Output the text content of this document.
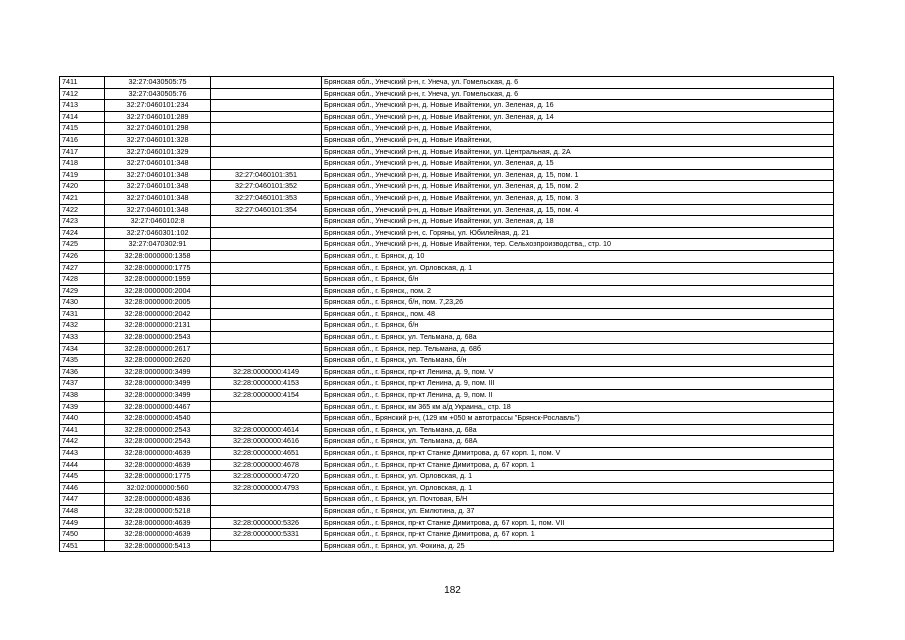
7411	32:27:0430505:75		Брянская обл., Унечский р-н, г. Унеча, ул. Гомельская, д. 6
7412	32:27:0430505:76		Брянская обл., Унечский р-н, г. Унеча, ул. Гомельская, д. 6
7413	32:27:0460101:234		Брянская обл., Унечский р-н, д. Новые Ивайтенки, ул. Зеленая, д. 16
7414	32:27:0460101:289		Брянская обл., Унечский р-н, д. Новые Ивайтенки, ул. Зеленая, д. 14
7415	32:27:0460101:298		Брянская обл., Унечский р-н, д. Новые Ивайтенки,
7416	32:27:0460101:328		Брянская обл., Унечский р-н, д. Новые Ивайтенки,
7417	32:27:0460101:329		Брянская обл., Унечский р-н, д. Новые Ивайтенки, ул. Центральная, д. 2А
7418	32:27:0460101:348		Брянская обл., Унечский р-н, д. Новые Ивайтенки, ул. Зеленая, д. 15
7419	32:27:0460101:348	32:27:0460101:351	Брянская обл., Унечский р-н, д. Новые Ивайтенки, ул. Зеленая, д. 15, пом. 1
7420	32:27:0460101:348	32:27:0460101:352	Брянская обл., Унечский р-н, д. Новые Ивайтенки, ул. Зеленая, д. 15, пом. 2
7421	32:27:0460101:348	32:27:0460101:353	Брянская обл., Унечский р-н, д. Новые Ивайтенки, ул. Зеленая, д. 15, пом. 3
7422	32:27:0460101:348	32:27:0460101:354	Брянская обл., Унечский р-н, д. Новые Ивайтенки, ул. Зеленая, д. 15, пом. 4
7423	32:27:0460102:8		Брянская обл., Унечский р-н, д. Новые Ивайтенки, ул. Зеленая, д. 18
7424	32:27:0460301:102		Брянская обл., Унечский р-н, с. Горяны, ул. Юбилейная, д. 21
7425	32:27:0470302:91		Брянская обл., Унечский р-н, д. Новые Ивайтенки, тер. Сельхозпроизводства,, стр. 10
7426	32:28:0000000:1358		Брянская обл., г. Брянск, д. 10
7427	32:28:0000000:1775		Брянская обл., г. Брянск, ул. Орловская, д. 1
7428	32:28:0000000:1959		Брянская обл., г. Брянск, б/н
7429	32:28:0000000:2004		Брянская обл., г. Брянск,, пом. 2
7430	32:28:0000000:2005		Брянская обл., г. Брянск, б/н, пом. 7,23,26
7431	32:28:0000000:2042		Брянская обл., г. Брянск,, пом. 48
7432	32:28:0000000:2131		Брянская обл., г. Брянск, б/н
7433	32:28:0000000:2543		Брянская обл., г. Брянск, ул. Тельмана, д. 68а
7434	32:28:0000000:2617		Брянская обл., г. Брянск, пер. Тельмана, д. 68б
7435	32:28:0000000:2620		Брянская обл., г. Брянск, ул. Тельмана, б/н
7436	32:28:0000000:3499	32:28:0000000:4149	Брянская обл., г. Брянск, пр-кт Ленина, д. 9, пом. V
7437	32:28:0000000:3499	32:28:0000000:4153	Брянская обл., г. Брянск, пр-кт Ленина, д. 9, пом. III
7438	32:28:0000000:3499	32:28:0000000:4154	Брянская обл., г. Брянск, пр-кт Ленина, д. 9, пом. II
7439	32:28:0000000:4467		Брянская обл., г. Брянск, км 365 км а/д Украина,, стр. 18
7440	32:28:0000000:4540		Брянская обл., Брянский р-н, (129 км +050 м автотрассы "Брянск-Рославль")
7441	32:28:0000000:2543	32:28:0000000:4614	Брянская обл., г. Брянск, ул. Тельмана, д. 68а
7442	32:28:0000000:2543	32:28:0000000:4616	Брянская обл., г. Брянск, ул. Тельмана, д. 68А
7443	32:28:0000000:4639	32:28:0000000:4651	Брянская обл., г. Брянск, пр-кт Станке Димитрова, д. 67 корп. 1, пом. V
7444	32:28:0000000:4639	32:28:0000000:4678	Брянская обл., г. Брянск, пр-кт Станке Димитрова, д. 67 корп. 1
7445	32:28:0000000:1775	32:28:0000000:4720	Брянская обл., г. Брянск, ул. Орловская, д. 1
7446	32:02:0000000:560	32:28:0000000:4793	Брянская обл., г. Брянск, ул. Орловская, д. 1
7447	32:28:0000000:4836		Брянская обл., г. Брянск, ул. Почтовая, Б/Н
7448	32:28:0000000:5218		Брянская обл., г. Брянск, ул. Емлютина, д. 37
7449	32:28:0000000:4639	32:28:0000000:5326	Брянская обл., г. Брянск, пр-кт Станке Димитрова, д. 67 корп. 1, пом. VII
7450	32:28:0000000:4639	32:28:0000000:5331	Брянская обл., г. Брянск, пр-кт Станке Димитрова, д. 67 корп. 1
7451	32:28:0000000:5413		Брянская обл., г. Брянск, ул. Фокина, д. 25
182
